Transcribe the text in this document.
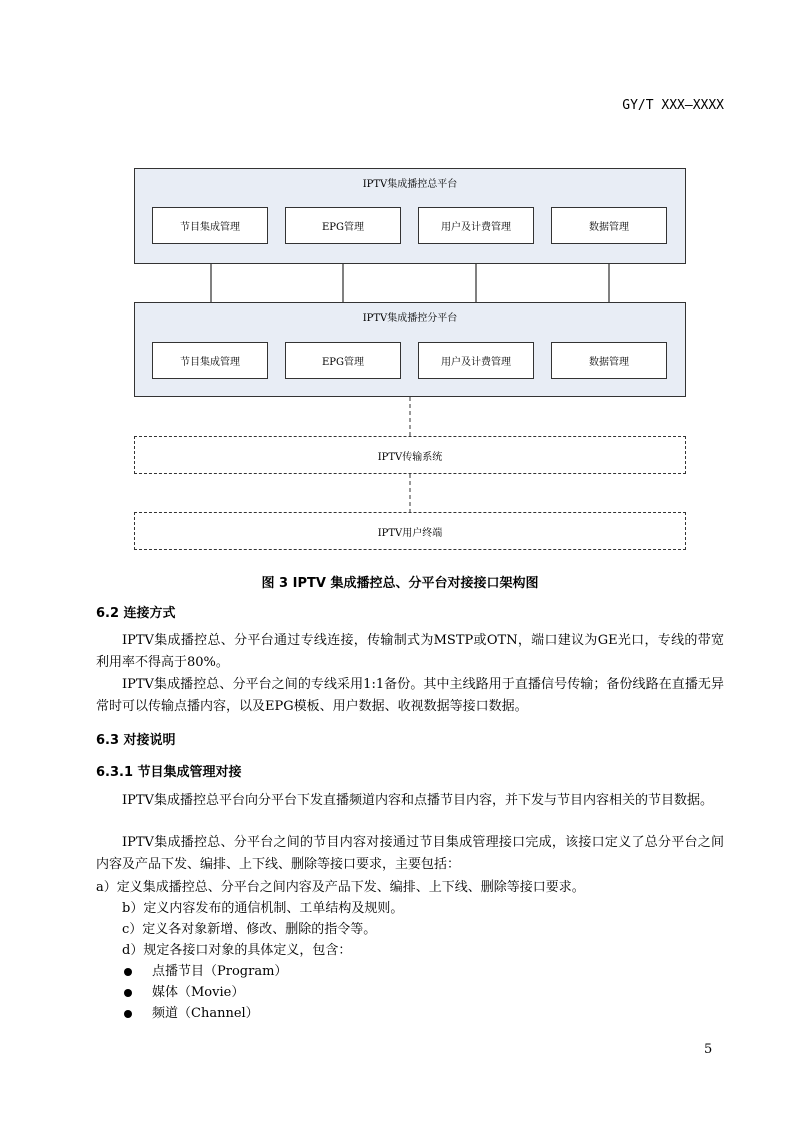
GY/T XXX—XXXX
IPTV集成播控总平台
节目集成管理	EPG管理	用户及计费管理	数据管理
IPTV集成播控分平台
节目集成管理	EPG管理	用户及计费管理	数据管理
IPTV传输系统
IPTV用户终端
图 3 IPTV 集成播控总、分平台对接接口架构图
6.2 连接方式
IPTV集成播控总、分平台通过专线连接，传输制式为MSTP或OTN，端口建议为GE光口，专线的带宽利用率不得高于80%。
IPTV集成播控总、分平台之间的专线采用1:1备份。其中主线路用于直播信号传输；备份线路在直播无异常时可以传输点播内容，以及EPG模板、用户数据、收视数据等接口数据。
6.3 对接说明
6.3.1 节目集成管理对接
IPTV集成播控总平台向分平台下发直播频道内容和点播节目内容，并下发与节目内容相关的节目数据。
IPTV集成播控总、分平台之间的节目内容对接通过节目集成管理接口完成，该接口定义了总分平台之间内容及产品下发、编排、上下线、删除等接口要求，主要包括：
a）定义集成播控总、分平台之间内容及产品下发、编排、上下线、删除等接口要求。
b）定义内容发布的通信机制、工单结构及规则。
c）定义各对象新增、修改、删除的指令等。
d）规定各接口对象的具体定义，包含：
点播节目（Program）
媒体（Movie）
频道（Channel）
5
